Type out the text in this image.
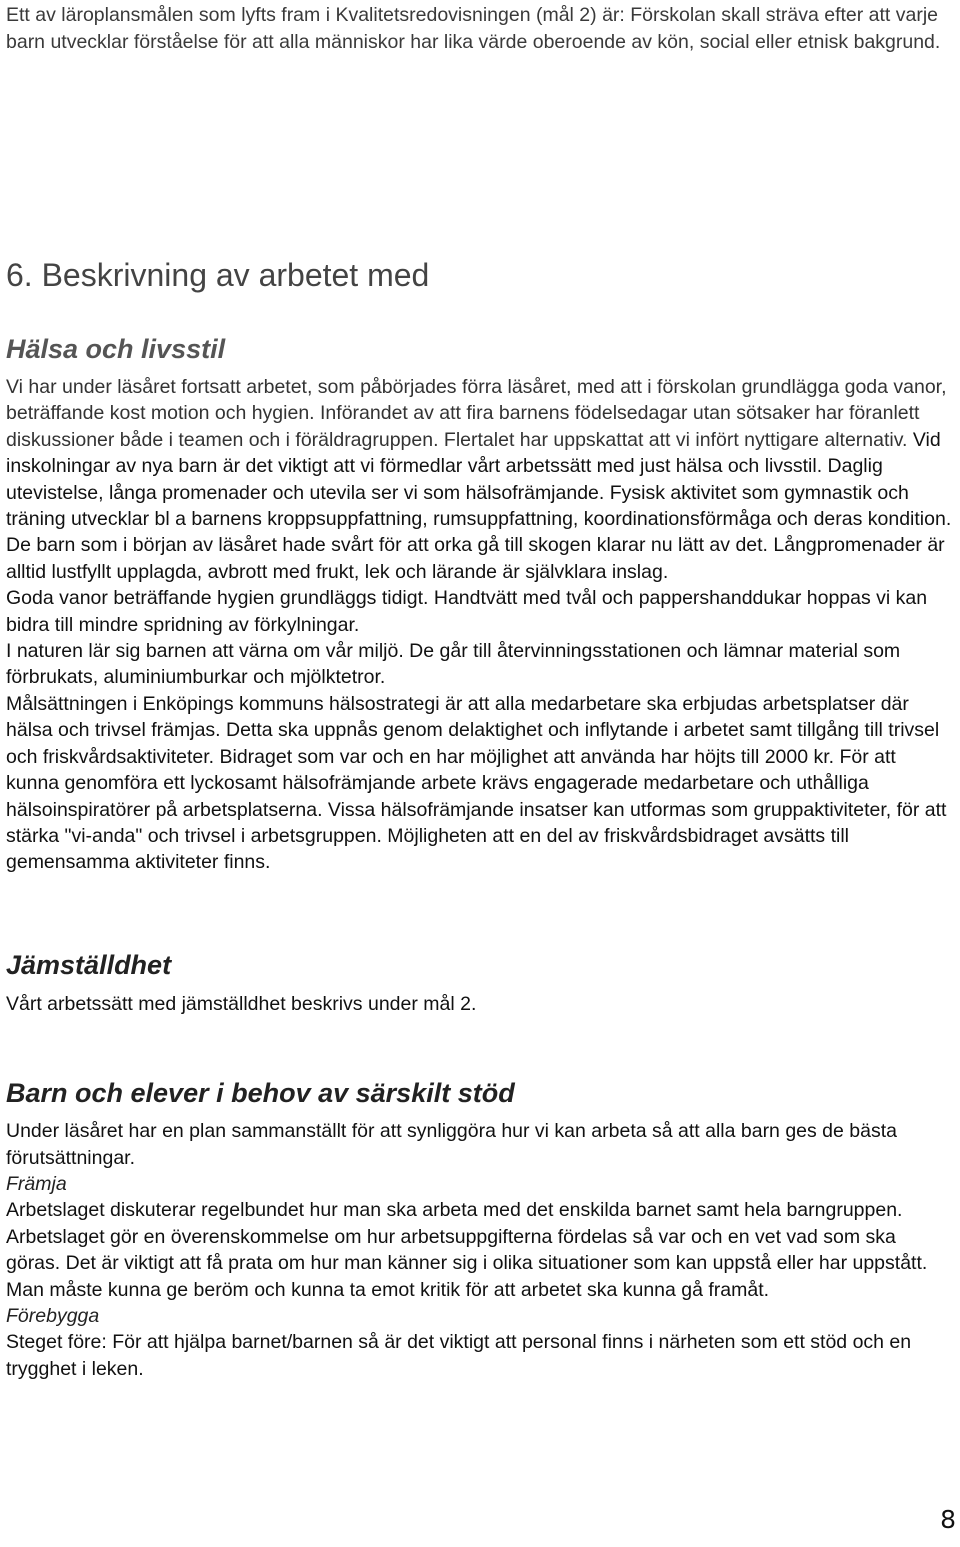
Ett av läroplansmålen som lyfts fram i Kvalitetsredovisningen (mål 2) är: Förskolan skall sträva efter att varje barn utvecklar förståelse för att alla människor har lika värde oberoende av kön, social eller etnisk bakgrund.

6. Beskrivning av arbetet med
Hälsa och livsstil

Vi har under läsåret fortsatt arbetet, som påbörjades förra läsåret, med att i förskolan grundlägga goda vanor, beträffande kost motion och hygien. Införandet av att fira barnens födelsedagar utan sötsaker har föranlett diskussioner både i teamen och i föräldragruppen. Flertalet har uppskattat att vi infört nyttigare alternativ. Vid inskolningar av nya barn är det viktigt att vi förmedlar vårt arbetssätt med just hälsa och livsstil. Daglig utevistelse, långa promenader och utevila ser vi som hälsofrämjande. Fysisk aktivitet som gymnastik och träning utvecklar bl a barnens kroppsuppfattning, rumsuppfattning, koordinationsförmåga och deras kondition. De barn som i början av läsåret hade svårt för att orka gå till skogen klarar nu lätt av det. Långpromenader är alltid lustfyllt upplagda, avbrott med frukt, lek och lärande är självklara inslag.

Goda vanor beträffande hygien grundläggs tidigt. Handtvätt med tvål och pappershanddukar hoppas vi kan bidra till mindre spridning av förkylningar.

I naturen lär sig barnen att värna om vår miljö. De går till återvinningsstationen och lämnar material som förbrukats, aluminiumburkar och mjölktetror.

Målsättningen i Enköpings kommuns hälsostrategi är att alla medarbetare ska erbjudas arbetsplatser där hälsa och trivsel främjas. Detta ska uppnås genom delaktighet och inflytande i arbetet samt tillgång till trivsel och friskvårdsaktiviteter. Bidraget som var och en har möjlighet att använda har höjts till 2000 kr. För att kunna genomföra ett lyckosamt hälsofrämjande arbete krävs engagerade medarbetare och uthålliga hälsoinspiratörer på arbetsplatserna. Vissa hälsofrämjande insatser kan utformas som gruppaktiviteter, för att stärka "vi-anda" och trivsel i arbetsgruppen. Möjligheten att en del av friskvårdsbidraget avsätts till gemensamma aktiviteter finns.

Jämställdhet

Vårt arbetssätt med jämställdhet beskrivs under mål 2.

Barn och elever i behov av särskilt stöd

Under läsåret har en plan sammanställt för att synliggöra hur vi kan arbeta så att alla barn ges de bästa förutsättningar.

Främja

Arbetslaget diskuterar regelbundet hur man ska arbeta med det enskilda barnet samt hela barngruppen. Arbetslaget gör en överenskommelse om hur arbetsuppgifterna fördelas så var och en vet vad som ska göras. Det är viktigt att få prata om hur man känner sig i olika situationer som kan uppstå eller har uppstått. Man måste kunna ge beröm och kunna ta emot kritik för att arbetet ska kunna gå framåt.

Förebygga

Steget före: För att hjälpa barnet/barnen så är det viktigt att personal finns i närheten som ett stöd och en trygghet i leken.

8
